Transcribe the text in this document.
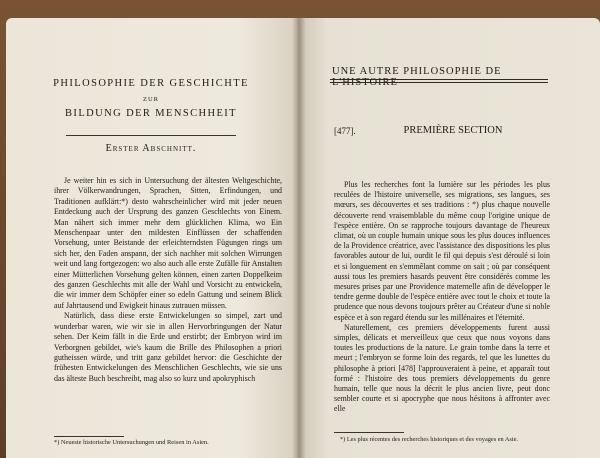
PHILOSOPHIE DER GESCHICHTE
ZUR
BILDUNG DER MENSCHHEIT
Erster Abschnitt.

Je weiter hin es sich in Untersuchung der ältesten Weltgeschichte, ihrer Völkerwandrungen, Sprachen, Sitten, Erfindungen, und Traditionen aufklärt:*) desto wahrscheinlicher wird mit jeder neuen Entdeckung auch der Ursprung des ganzen Geschlechts von Einem. Man nähert sich immer mehr dem glücklichen Klima, wo Ein Menschenpaar unter den mildesten Einflüssen der schaffenden Vorsehung, unter Beistande der erleichterndsten Fügungen rings um sich her, den Faden anspann, der sich nachher mit solchen Wirrungen weit und lang fortgezogen: wo also auch alle erste Zufälle für Anstalten einer Mütterlichen Vorsehung gelten können, einen zarten Doppelkeim des ganzen Geschlechts mit alle der Wahl und Vorsicht zu entwickeln, die wir immer dem Schöpfer einer so edeln Gattung und seinem Blick auf Jahrtausend und Ewigkeit hinaus zutrauen müssen.

Natürlich, dass diese erste Entwickelungen so simpel, zart und wunderbar waren, wie wir sie in allen Hervorbringungen der Natur sehen. Der Keim fällt in die Erde und erstirbt; der Embryon wird im Verborgnen gebildet, wie's kaum die Brille des Philosophen a priori gutheissen würde, und tritt ganz gebildet hervor: die Geschichte der frühesten Entwickelungen des Menschlichen Geschlechts, wie sie uns das älteste Buch beschreibt, mag also so kurz und apokryphisch

*) Neueste historische Untersuchungen und Reisen in Asien.
UNE AUTRE PHILOSOPHIE DE L'HISTOIRE
[477].	PREMIÈRE SECTION

Plus les recherches font la lumière sur les périodes les plus reculées de l'histoire universelle, ses migrations, ses langues, ses mœurs, ses découvertes et ses traditions : *) plus chaque nouvelle découverte rend vraisemblable du même coup l'origine unique de l'espèce entière. On se rapproche toujours davantage de l'heureux climat, où un couple humain unique sous les plus douces influences de la Providence créatrice, avec l'assistance des dispositions les plus favorables autour de lui, ourdit le fil qui depuis s'est déroulé si loin et si longuement en s'emmêlant comme on sait ; où par conséquent aussi tous les premiers hasards peuvent être considérés comme les mesures prises par une Providence maternelle afin de développer le tendre germe double de l'espèce entière avec tout le choix et toute la prudence que nous devons toujours prêter au Créateur d'une si noble espèce et à son regard étendu sur les millénaires et l'éternité.

Naturellement, ces premiers développements furent aussi simples, délicats et merveilleux que ceux que nous voyons dans toutes les productions de la nature. Le grain tombe dans la terre et meurt ; l'embryon se forme loin des regards, tel que les lunettes du philosophe à priori [478] l'approuveraient à peine, et apparaît tout formé : l'histoire des tous premiers développements du genre humain, telle que nous la décrit le plus ancien livre, peut donc sembler courte et si apocryphe que nous hésitons à affronter avec elle

*) Les plus récentes des recherches historiques et des voyages en Asie.
